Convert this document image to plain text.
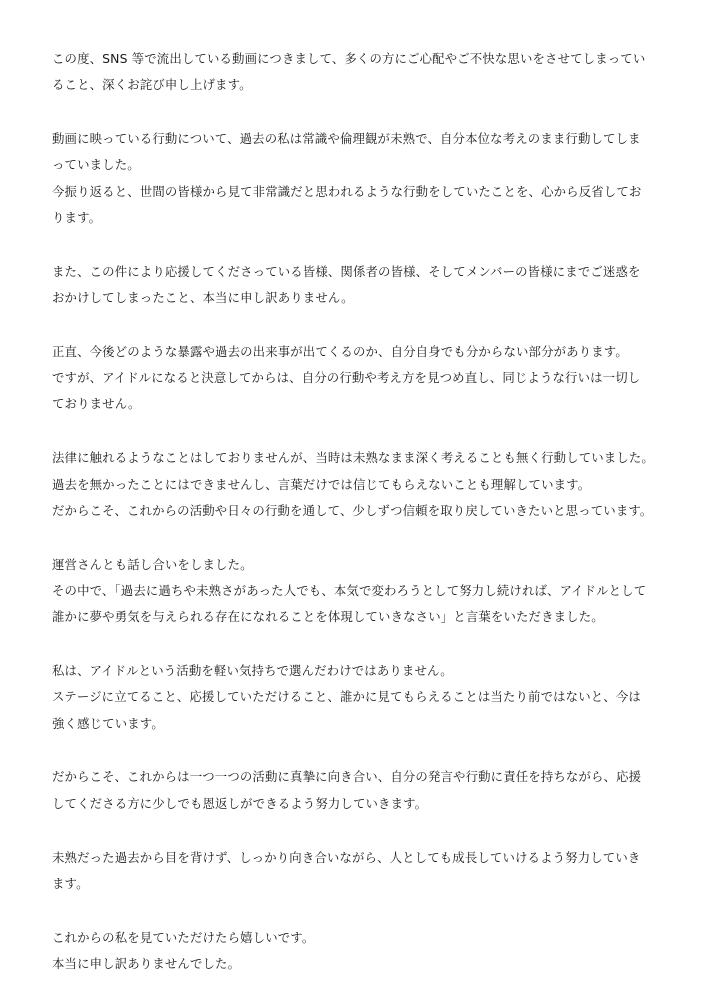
この度、SNS 等で流出している動画につきまして、多くの方にご心配やご不快な思いをさせてしまってい
ること、深くお詫び申し上げます。
動画に映っている行動について、過去の私は常識や倫理観が未熟で、自分本位な考えのまま行動してしま
っていました。
今振り返ると、世間の皆様から見て非常識だと思われるような行動をしていたことを、心から反省してお
ります。
また、この件により応援してくださっている皆様、関係者の皆様、そしてメンバーの皆様にまでご迷惑を
おかけしてしまったこと、本当に申し訳ありません。
正直、今後どのような暴露や過去の出来事が出てくるのか、自分自身でも分からない部分があります。
ですが、アイドルになると決意してからは、自分の行動や考え方を見つめ直し、同じような行いは一切し
ておりません。
法律に触れるようなことはしておりませんが、当時は未熟なまま深く考えることも無く行動していました。
過去を無かったことにはできませんし、言葉だけでは信じてもらえないことも理解しています。
だからこそ、これからの活動や日々の行動を通して、少しずつ信頼を取り戻していきたいと思っています。
運営さんとも話し合いをしました。
その中で、「過去に過ちや未熟さがあった人でも、本気で変わろうとして努力し続ければ、アイドルとして
誰かに夢や勇気を与えられる存在になれることを体現していきなさい」と言葉をいただきました。
私は、アイドルという活動を軽い気持ちで選んだわけではありません。
ステージに立てること、応援していただけること、誰かに見てもらえることは当たり前ではないと、今は
強く感じています。
だからこそ、これからは一つ一つの活動に真摯に向き合い、自分の発言や行動に責任を持ちながら、応援
してくださる方に少しでも恩返しができるよう努力していきます。
未熟だった過去から目を背けず、しっかり向き合いながら、人としても成長していけるよう努力していき
ます。
これからの私を見ていただけたら嬉しいです。
本当に申し訳ありませんでした。
